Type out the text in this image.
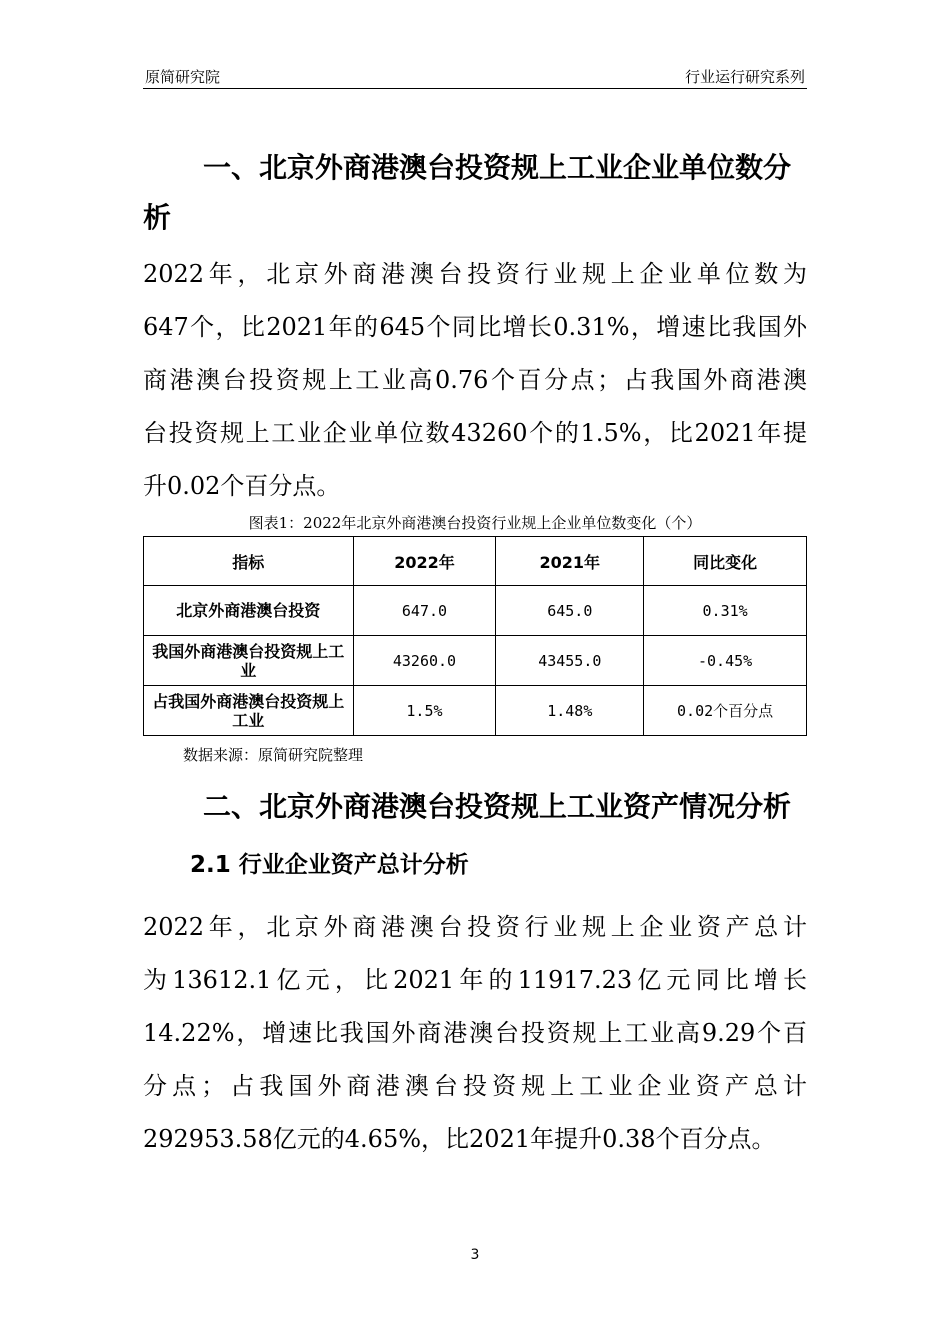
原简研究院	行业运行研究系列
一、北京外商港澳台投资规上工业企业单位数分析
2022年，北京外商港澳台投资行业规上企业单位数为
647个，比2021年的645个同比增长0.31%，增速比我国外
商港澳台投资规上工业高0.76个百分点；占我国外商港澳
台投资规上工业企业单位数43260个的1.5%，比2021年提
升0.02个百分点。
图表1：2022年北京外商港澳台投资行业规上企业单位数变化（个）
指标	2022年	2021年	同比变化
北京外商港澳台投资	647.0	645.0	0.31%
我国外商港澳台投资规上工业	43260.0	43455.0	-0.45%
占我国外商港澳台投资规上工业	1.5%	1.48%	0.02个百分点
数据来源：原简研究院整理
二、北京外商港澳台投资规上工业资产情况分析
2.1 行业企业资产总计分析
2022年，北京外商港澳台投资行业规上企业资产总计
为13612.1亿元，比2021年的11917.23亿元同比增长
14.22%，增速比我国外商港澳台投资规上工业高9.29个百
分点；占我国外商港澳台投资规上工业企业资产总计
292953.58亿元的4.65%，比2021年提升0.38个百分点。
3
